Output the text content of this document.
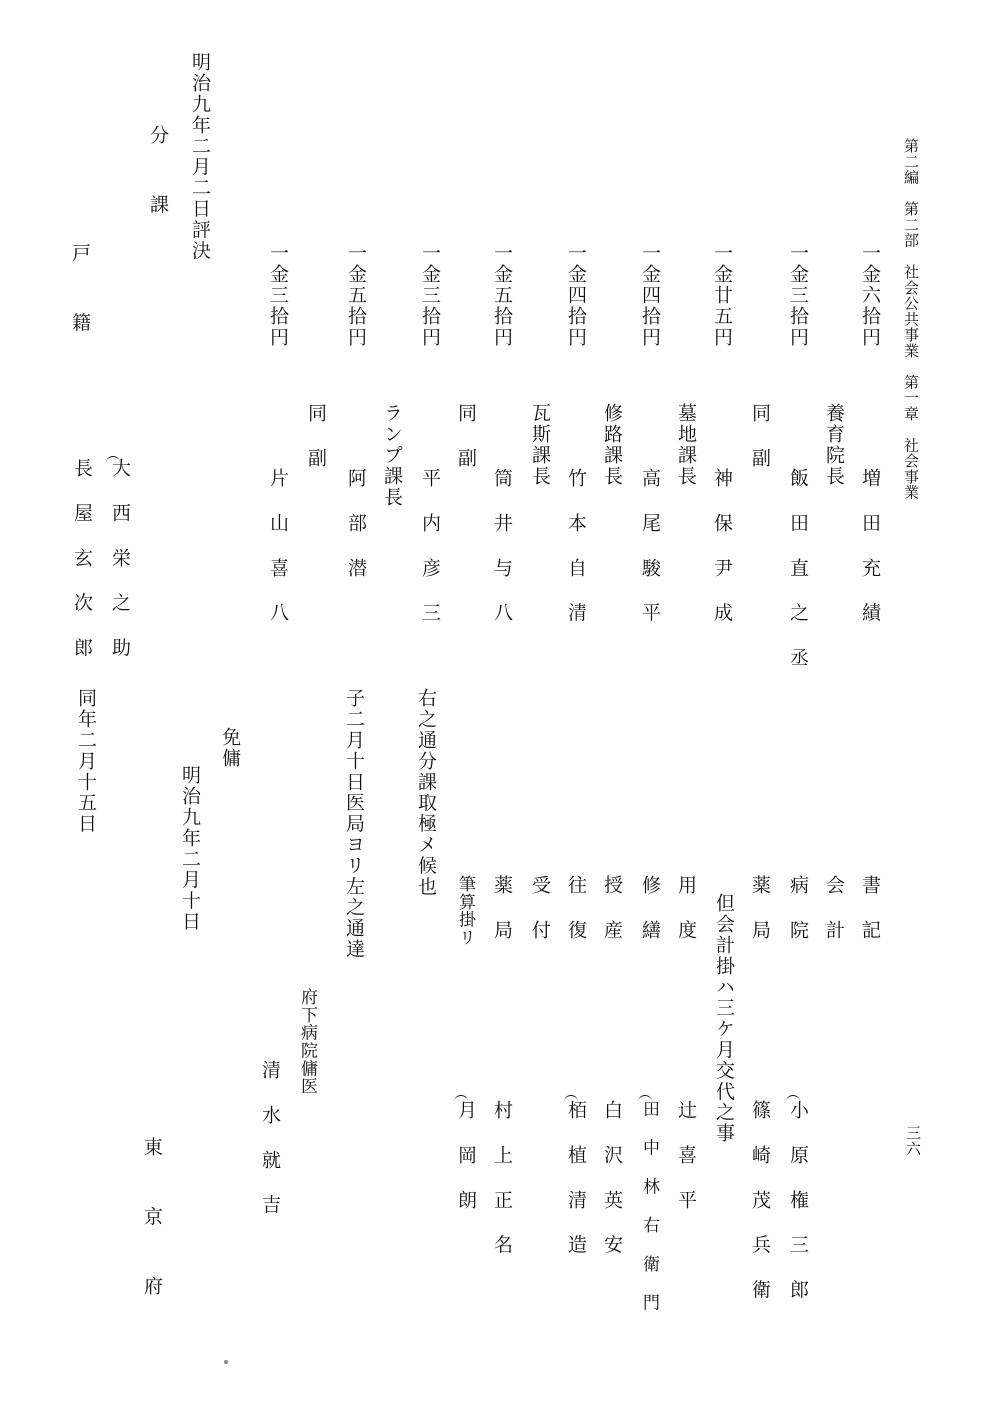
第二編　第二部　社会公共事業　第一章　社会事業
三六
一金六拾円
養育院長
増 田 充 績
一金三拾円
同 副
飯 田 直 之 丞
一金廿五円
墓地課長
神 保 尹 成
一金四拾円
修路課長
高 尾 駿 平
一金四拾円
瓦斯課長
竹 本 自 清
一金五拾円
同 副
筒 井 与 八
一金三拾円
ランプ課長
平 内 彦 三
一金五拾円
同 副
阿 部 潜
一金三拾円
片 山 喜 八
明治九年二月二日評決
分 課
戸 籍
大 西 栄 之 助
長 屋 玄 次 郎
書 記
会 計
病 院
薬 局
但会計掛ハ三ケ月交代之事
用 度
修 繕
授 産
往 復
受 付
薬 局
筆算掛リ
小 原 権 三 郎
篠 崎 茂 兵 衛
辻 喜 平
田 中 林 右 衛 門
白 沢 英 安
栢 植 清 造
村 上 正 名
月 岡 朗
右之通分課取極メ候也
子二月十日医局ヨリ左之通達
府下病院傭医
清 水 就 吉
免傭
明治九年二月十日
同年二月十五日
東 京 府
